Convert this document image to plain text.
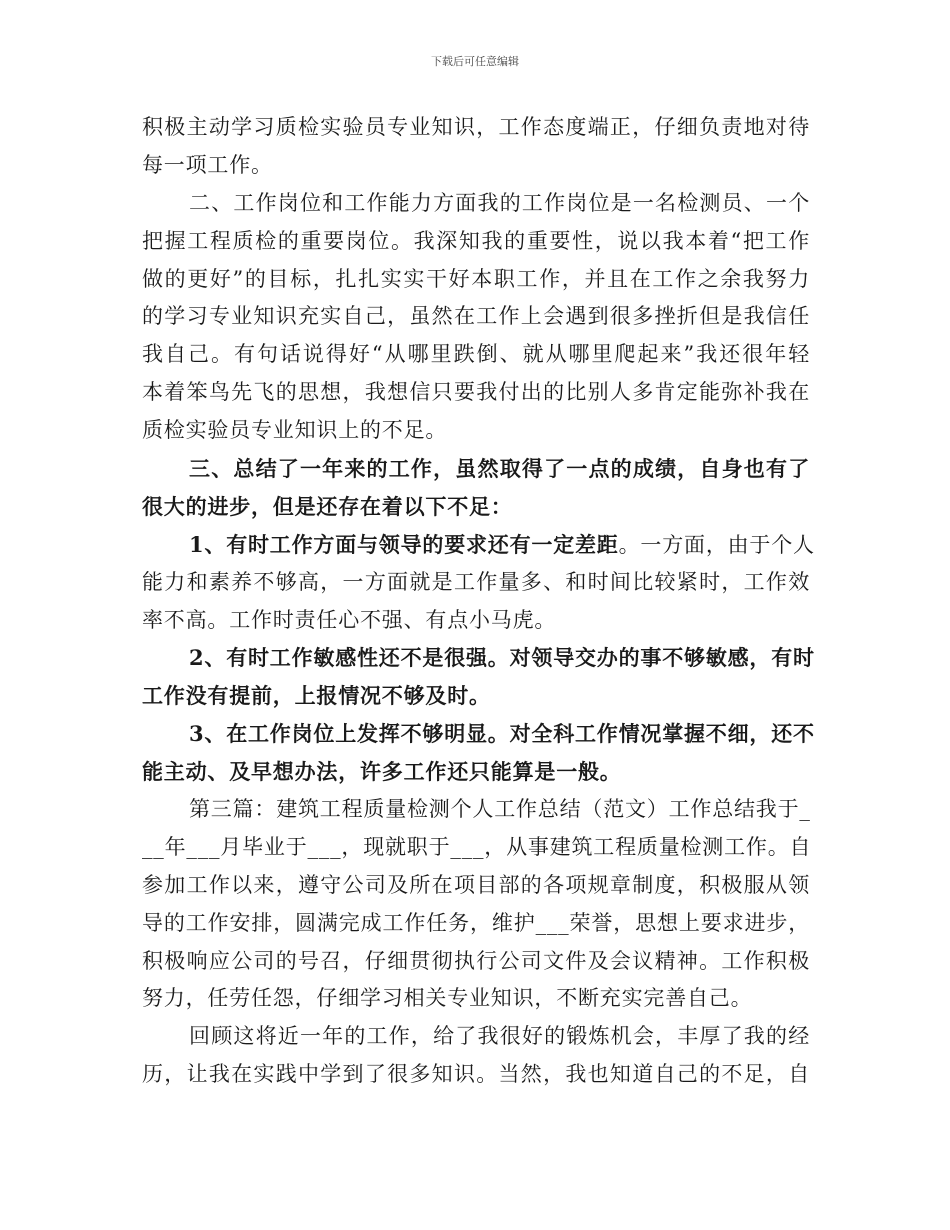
下载后可任意编辑
积极主动学习质检实验员专业知识，工作态度端正，仔细负责地对待
每一项工作。
二、工作岗位和工作能力方面我的工作岗位是一名检测员、一个
把握工程质检的重要岗位。我深知我的重要性，说以我本着“把工作
做的更好”的目标，扎扎实实干好本职工作，并且在工作之余我努力
的学习专业知识充实自己，虽然在工作上会遇到很多挫折但是我信任
我自己。有句话说得好“从哪里跌倒、就从哪里爬起来”我还很年轻
本着笨鸟先飞的思想，我想信只要我付出的比别人多肯定能弥补我在
质检实验员专业知识上的不足。
三、总结了一年来的工作，虽然取得了一点的成绩，自身也有了
很大的进步，但是还存在着以下不足：
1、有时工作方面与领导的要求还有一定差距。一方面，由于个人
能力和素养不够高，一方面就是工作量多、和时间比较紧时，工作效
率不高。工作时责任心不强、有点小马虎。
2、有时工作敏感性还不是很强。对领导交办的事不够敏感，有时
工作没有提前，上报情况不够及时。
3、在工作岗位上发挥不够明显。对全科工作情况掌握不细，还不
能主动、及早想办法，许多工作还只能算是一般。
第三篇：建筑工程质量检测个人工作总结（范文）工作总结我于_
__年___月毕业于___，现就职于___，从事建筑工程质量检测工作。自
参加工作以来，遵守公司及所在项目部的各项规章制度，积极服从领
导的工作安排，圆满完成工作任务，维护___荣誉，思想上要求进步，
积极响应公司的号召，仔细贯彻执行公司文件及会议精神。工作积极
努力，任劳任怨，仔细学习相关专业知识，不断充实完善自己。
回顾这将近一年的工作，给了我很好的锻炼机会，丰厚了我的经
历，让我在实践中学到了很多知识。当然，我也知道自己的不足，自
